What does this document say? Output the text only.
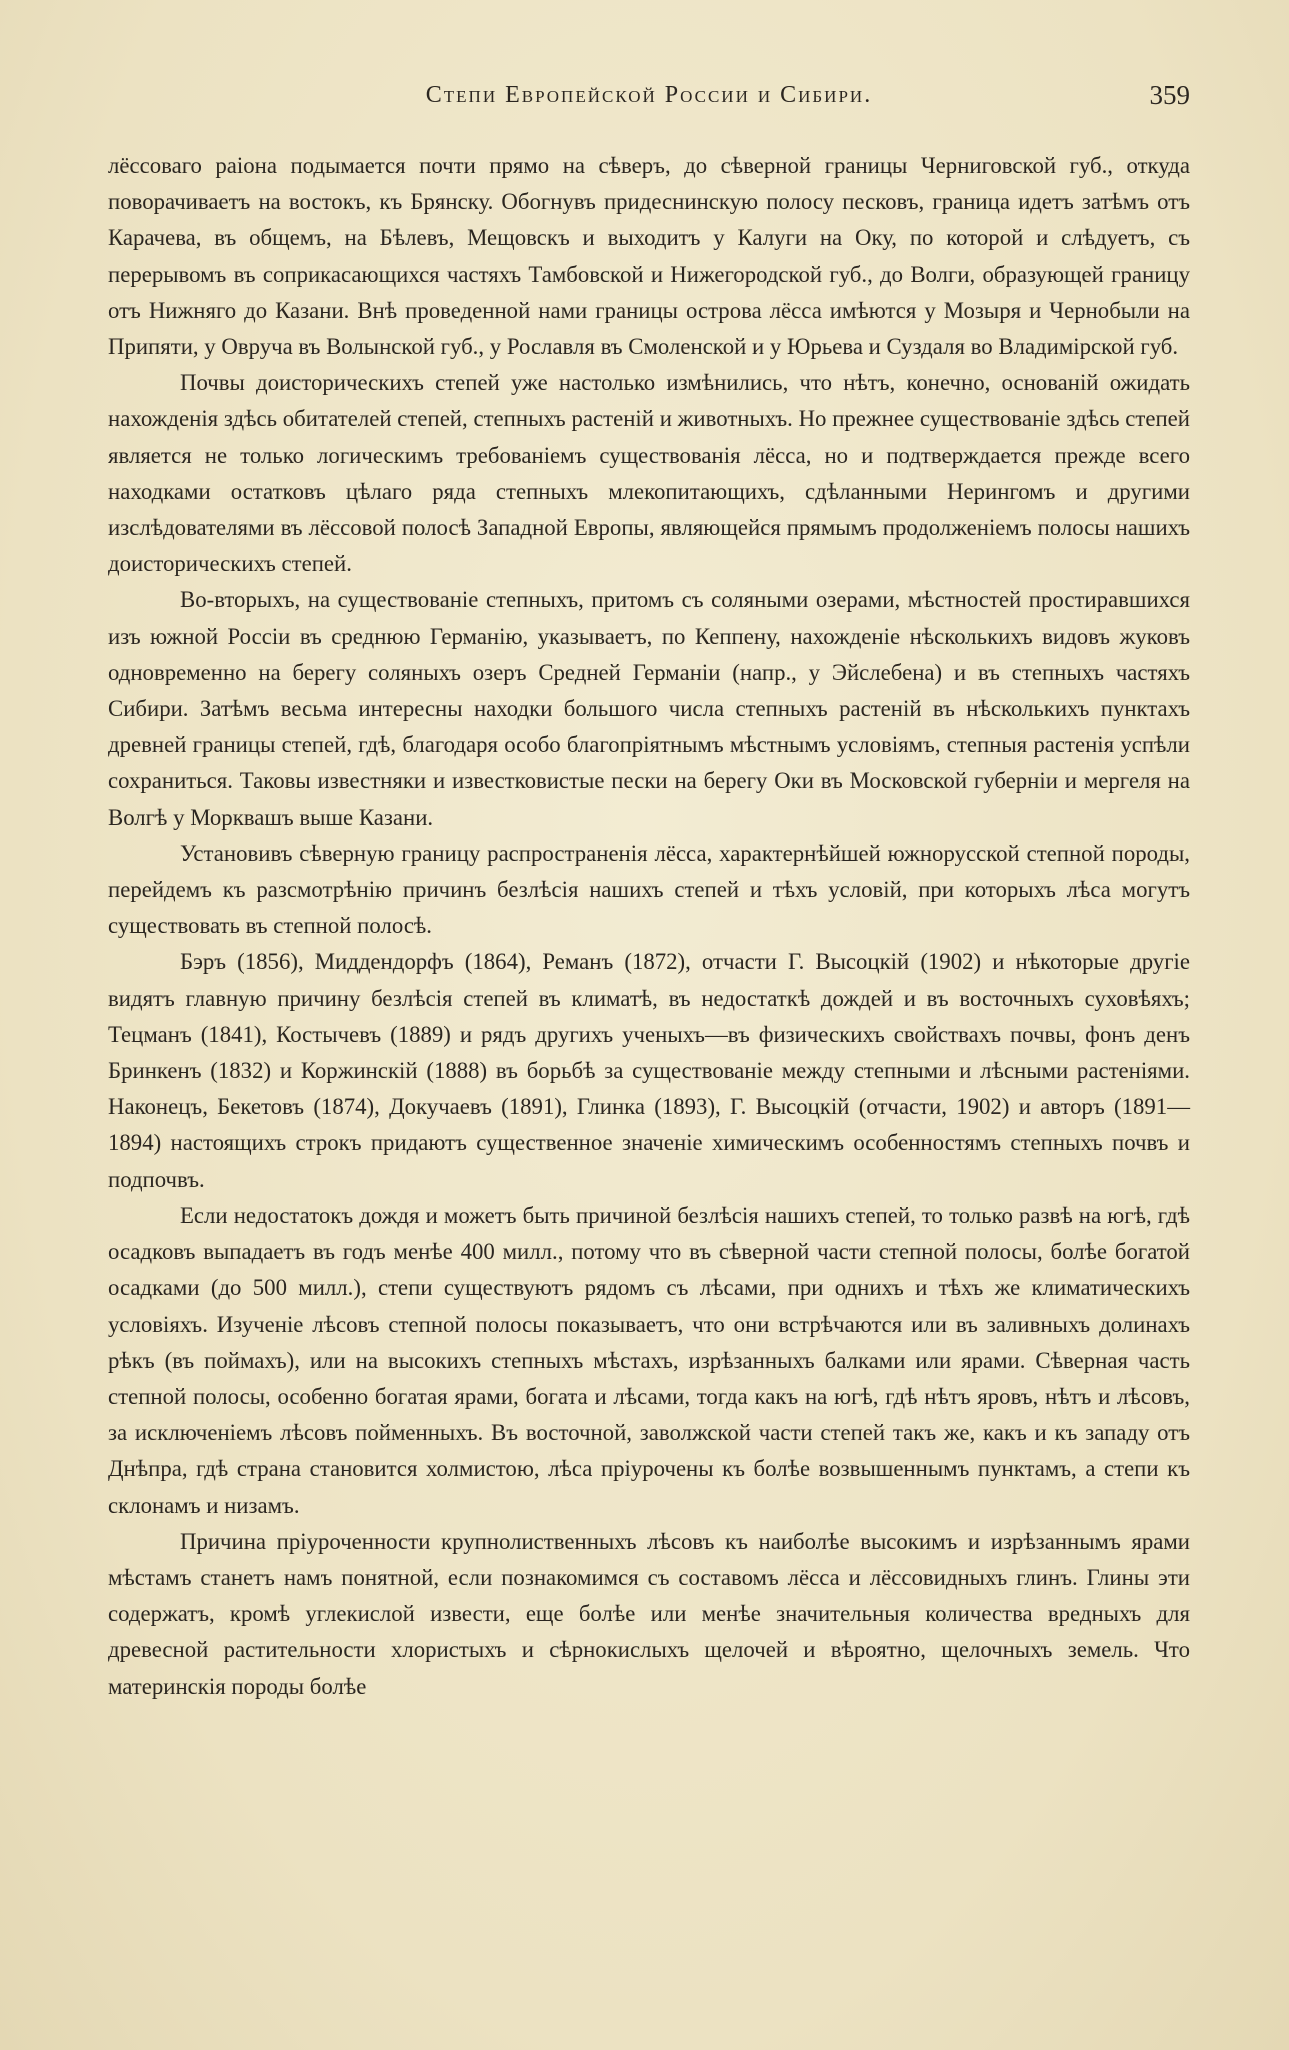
Степи Европейской России и Сибири.	359

лёссоваго раіона подымается почти прямо на сѣверъ, до сѣверной границы Черниговской губ., откуда поворачиваетъ на востокъ, къ Брянску. Обогнувъ придеснинскую полосу песковъ, граница идетъ затѣмъ отъ Карачева, въ общемъ, на Бѣлевъ, Мещовскъ и выходитъ у Калуги на Оку, по которой и слѣдуетъ, съ перерывомъ въ соприкасающихся частяхъ Тамбовской и Нижегородской губ., до Волги, образующей границу отъ Нижняго до Казани. Внѣ проведенной нами границы острова лёсса имѣются у Мозыря и Чернобыли на Припяти, у Овруча въ Волынской губ., у Рославля въ Смоленской и у Юрьева и Суздаля во Владимірской губ.

Почвы доисторическихъ степей уже настолько измѣнились, что нѣтъ, конечно, основаній ожидать нахожденія здѣсь обитателей степей, степныхъ растеній и животныхъ. Но прежнее существованіе здѣсь степей является не только логическимъ требованіемъ существованія лёсса, но и подтверждается прежде всего находками остатковъ цѣлаго ряда степныхъ млекопитающихъ, сдѣланными Нерингомъ и другими изслѣдователями въ лёссовой полосѣ Западной Европы, являющейся прямымъ продолженіемъ полосы нашихъ доисторическихъ степей.

Во-вторыхъ, на существованіе степныхъ, притомъ съ соляными озерами, мѣстностей простиравшихся изъ южной Россіи въ среднюю Германію, указываетъ, по Кеппену, нахожденіе нѣсколькихъ видовъ жуковъ одновременно на берегу соляныхъ озеръ Средней Германіи (напр., у Эйслебена) и въ степныхъ частяхъ Сибири. Затѣмъ весьма интересны находки большого числа степныхъ растеній въ нѣсколькихъ пунктахъ древней границы степей, гдѣ, благодаря особо благопріятнымъ мѣстнымъ условіямъ, степныя растенія успѣли сохраниться. Таковы известняки и известковистые пески на берегу Оки въ Московской губерніи и мергеля на Волгѣ у Морквашъ выше Казани.

Установивъ сѣверную границу распространенія лёсса, характернѣйшей южнорусской степной породы, перейдемъ къ разсмотрѣнію причинъ безлѣсія нашихъ степей и тѣхъ условій, при которыхъ лѣса могутъ существовать въ степной полосѣ.

Бэръ (1856), Миддендорфъ (1864), Реманъ (1872), отчасти Г. Высоцкій (1902) и нѣкоторые другіе видятъ главную причину безлѣсія степей въ климатѣ, въ недостаткѣ дождей и въ восточныхъ суховѣяхъ; Тецманъ (1841), Костычевъ (1889) и рядъ другихъ ученыхъ—въ физическихъ свойствахъ почвы, фонъ денъ Бринкенъ (1832) и Коржинскій (1888) въ борьбѣ за существованіе между степными и лѣсными растеніями. Наконецъ, Бекетовъ (1874), Докучаевъ (1891), Глинка (1893), Г. Высоцкій (отчасти, 1902) и авторъ (1891—1894) настоящихъ строкъ придаютъ существенное значеніе химическимъ особенностямъ степныхъ почвъ и подпочвъ.

Если недостатокъ дождя и можетъ быть причиной безлѣсія нашихъ степей, то только развѣ на югѣ, гдѣ осадковъ выпадаетъ въ годъ менѣе 400 милл., потому что въ сѣверной части степной полосы, болѣе богатой осадками (до 500 милл.), степи существуютъ рядомъ съ лѣсами, при однихъ и тѣхъ же климатическихъ условіяхъ. Изученіе лѣсовъ степной полосы показываетъ, что они встрѣчаются или въ заливныхъ долинахъ рѣкъ (въ поймахъ), или на высокихъ степныхъ мѣстахъ, изрѣзанныхъ балками или ярами. Сѣверная часть степной полосы, особенно богатая ярами, богата и лѣсами, тогда какъ на югѣ, гдѣ нѣтъ яровъ, нѣтъ и лѣсовъ, за исключеніемъ лѣсовъ пойменныхъ. Въ восточной, заволжской части степей такъ же, какъ и къ западу отъ Днѣпра, гдѣ страна становится холмистою, лѣса пріурочены къ болѣе возвышеннымъ пунктамъ, а степи къ склонамъ и низамъ.

Причина пріуроченности крупнолиственныхъ лѣсовъ къ наиболѣе высокимъ и изрѣзаннымъ ярами мѣстамъ станетъ намъ понятной, если познакомимся съ составомъ лёсса и лёссовидныхъ глинъ. Глины эти содержатъ, кромѣ углекислой извести, еще болѣе или менѣе значительныя количества вредныхъ для древесной растительности хлористыхъ и сѣрнокислыхъ щелочей и вѣроятно, щелочныхъ земель. Что материнскія породы болѣе
